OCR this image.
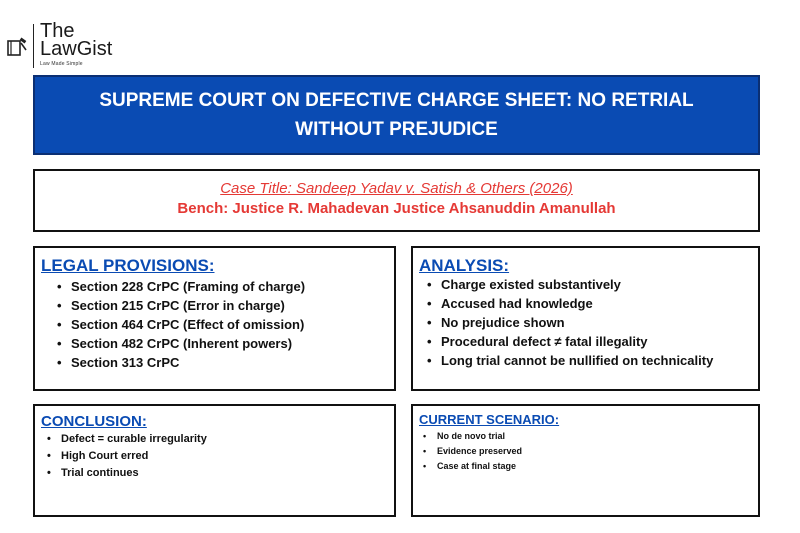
The
LawGist
Law Made Simple
SUPREME COURT ON DEFECTIVE CHARGE SHEET: NO RETRIAL WITHOUT PREJUDICE
Case Title: Sandeep Yadav v. Satish & Others (2026)
Bench: Justice R. Mahadevan Justice Ahsanuddin Amanullah
LEGAL PROVISIONS:
• Section 228 CrPC (Framing of charge)
• Section 215 CrPC (Error in charge)
• Section 464 CrPC (Effect of omission)
• Section 482 CrPC (Inherent powers)
• Section 313 CrPC
ANALYSIS:
• Charge existed substantively
• Accused had knowledge
• No prejudice shown
• Procedural defect ≠ fatal illegality
• Long trial cannot be nullified on technicality
CONCLUSION:
• Defect = curable irregularity
• High Court erred
• Trial continues
CURRENT SCENARIO:
• No de novo trial
• Evidence preserved
• Case at final stage
